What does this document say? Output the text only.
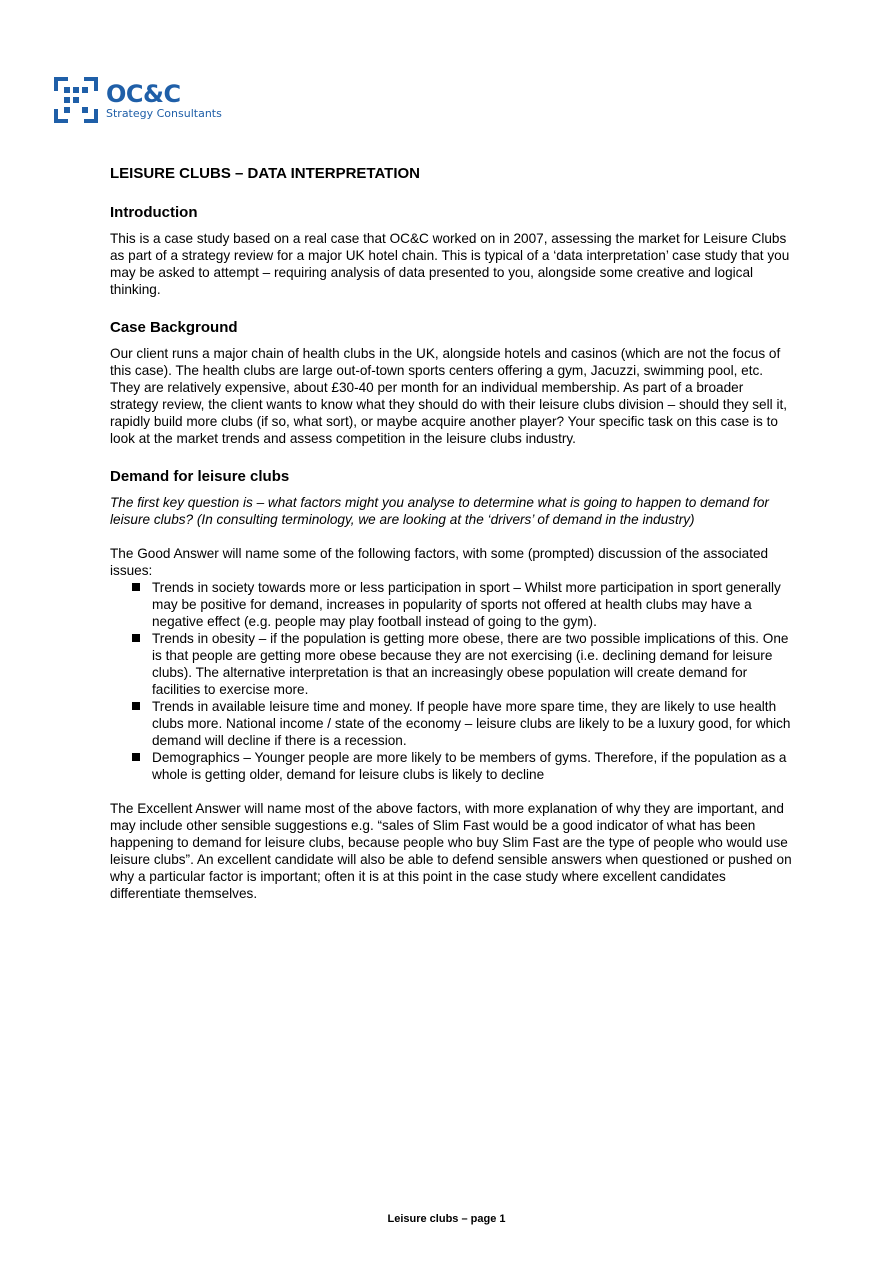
OC&C
Strategy Consultants
LEISURE CLUBS – DATA INTERPRETATION
Introduction

This is a case study based on a real case that OC&C worked on in 2007, assessing the market for Leisure Clubs as part of a strategy review for a major UK hotel chain. This is typical of a ‘data interpretation’ case study that you may be asked to attempt – requiring analysis of data presented to you, alongside some creative and logical thinking.

Case Background

Our client runs a major chain of health clubs in the UK, alongside hotels and casinos (which are not the focus of this case). The health clubs are large out-of-town sports centers offering a gym, Jacuzzi, swimming pool, etc. They are relatively expensive, about £30-40 per month for an individual membership. As part of a broader strategy review, the client wants to know what they should do with their leisure clubs division – should they sell it, rapidly build more clubs (if so, what sort), or maybe acquire another player? Your specific task on this case is to look at the market trends and assess competition in the leisure clubs industry.

Demand for leisure clubs

The first key question is – what factors might you analyse to determine what is going to happen to demand for leisure clubs? (In consulting terminology, we are looking at the ‘drivers’ of demand in the industry)

The Good Answer will name some of the following factors, with some (prompted) discussion of the associated issues:

Trends in society towards more or less participation in sport – Whilst more participation in sport generally may be positive for demand, increases in popularity of sports not offered at health clubs may have a negative effect (e.g. people may play football instead of going to the gym).
Trends in obesity – if the population is getting more obese, there are two possible implications of this. One is that people are getting more obese because they are not exercising (i.e. declining demand for leisure clubs). The alternative interpretation is that an increasingly obese population will create demand for facilities to exercise more.
Trends in available leisure time and money. If people have more spare time, they are likely to use health clubs more. National income / state of the economy – leisure clubs are likely to be a luxury good, for which demand will decline if there is a recession.
Demographics – Younger people are more likely to be members of gyms. Therefore, if the population as a whole is getting older, demand for leisure clubs is likely to decline

The Excellent Answer will name most of the above factors, with more explanation of why they are important, and may include other sensible suggestions e.g. “sales of Slim Fast would be a good indicator of what has been happening to demand for leisure clubs, because people who buy Slim Fast are the type of people who would use leisure clubs”. An excellent candidate will also be able to defend sensible answers when questioned or pushed on why a particular factor is important; often it is at this point in the case study where excellent candidates differentiate themselves.

Leisure clubs – page 1
